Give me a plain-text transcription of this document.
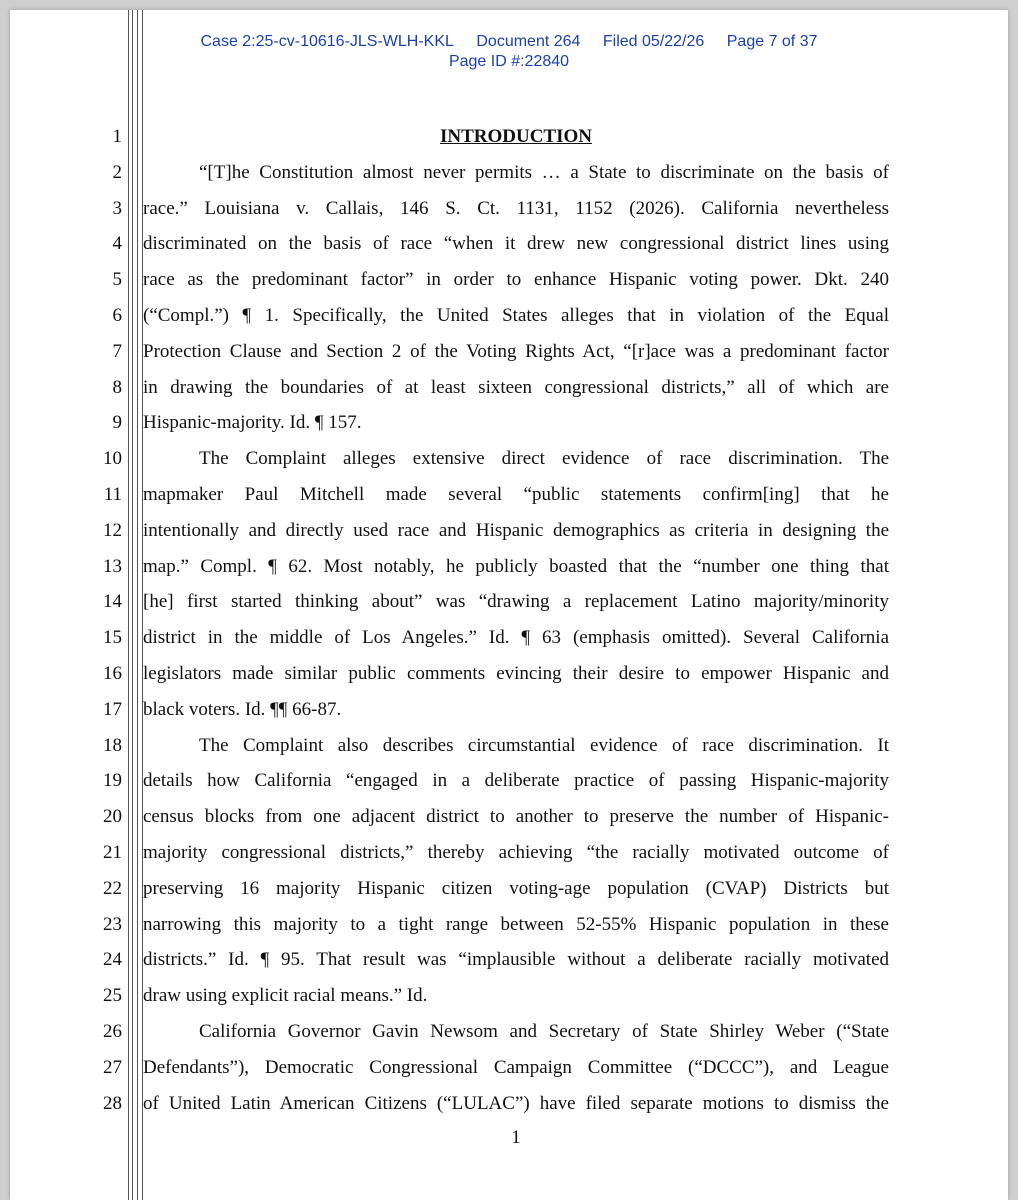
Case 2:25-cv-10616-JLS-WLH-KKL Document 264 Filed 05/22/26 Page 7 of 37
Page ID #:22840
1
2
3
4
5
6
7
8
9
10
11
12
13
14
15
16
17
18
19
20
21
22
23
24
25
26
27
28
INTRODUCTION
“[T]he Constitution almost never permits … a State to discriminate on the basis of
race.” Louisiana v. Callais, 146 S. Ct. 1131, 1152 (2026). California nevertheless
discriminated on the basis of race “when it drew new congressional district lines using
race as the predominant factor” in order to enhance Hispanic voting power. Dkt. 240
(“Compl.”) ¶ 1. Specifically, the United States alleges that in violation of the Equal
Protection Clause and Section 2 of the Voting Rights Act, “[r]ace was a predominant factor
in drawing the boundaries of at least sixteen congressional districts,” all of which are
Hispanic-majority. Id. ¶ 157.
The Complaint alleges extensive direct evidence of race discrimination. The
mapmaker Paul Mitchell made several “public statements confirm[ing] that he
intentionally and directly used race and Hispanic demographics as criteria in designing the
map.” Compl. ¶ 62. Most notably, he publicly boasted that the “number one thing that
[he] first started thinking about” was “drawing a replacement Latino majority/minority
district in the middle of Los Angeles.” Id. ¶ 63 (emphasis omitted). Several California
legislators made similar public comments evincing their desire to empower Hispanic and
black voters. Id. ¶¶ 66-87.
The Complaint also describes circumstantial evidence of race discrimination. It
details how California “engaged in a deliberate practice of passing Hispanic-majority
census blocks from one adjacent district to another to preserve the number of Hispanic-
majority congressional districts,” thereby achieving “the racially motivated outcome of
preserving 16 majority Hispanic citizen voting-age population (CVAP) Districts but
narrowing this majority to a tight range between 52-55% Hispanic population in these
districts.” Id. ¶ 95. That result was “implausible without a deliberate racially motivated
draw using explicit racial means.” Id.
California Governor Gavin Newsom and Secretary of State Shirley Weber (“State
Defendants”), Democratic Congressional Campaign Committee (“DCCC”), and League
of United Latin American Citizens (“LULAC”) have filed separate motions to dismiss the
1
